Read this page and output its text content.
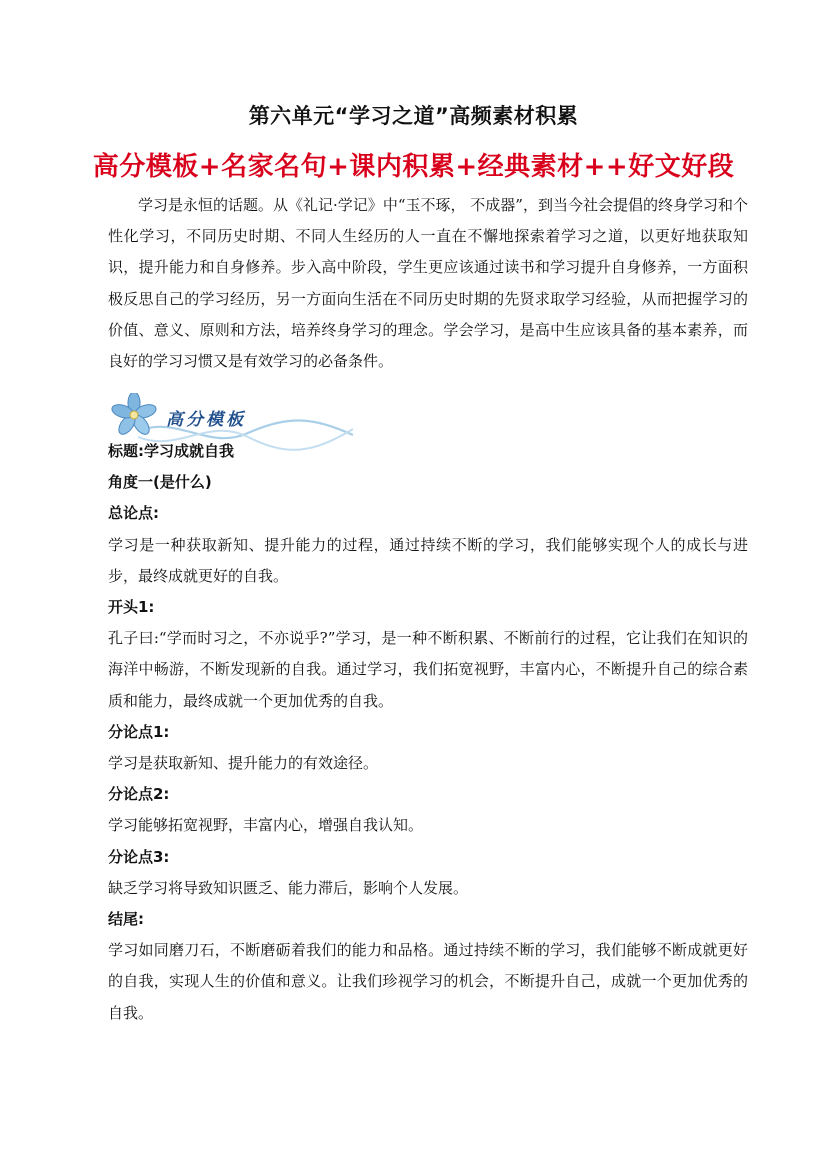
第六单元“学习之道”高频素材积累
高分模板+名家名句+课内积累+经典素材++好文好段

学习是永恒的话题。从《礼记·学记》中“玉不琢， 不成器”，到当今社会提倡的终身学习和个性化学习，不同历史时期、不同人生经历的人一直在不懈地探索着学习之道，以更好地获取知识，提升能力和自身修养。步入高中阶段，学生更应该通过读书和学习提升自身修养，一方面积极反思自己的学习经历，另一方面向生活在不同历史时期的先贤求取学习经验，从而把握学习的价值、意义、原则和方法，培养终身学习的理念。学会学习，是高中生应该具备的基本素养，而良好的学习习惯又是有效学习的必备条件。

高分模板

标题:学习成就自我

角度一(是什么)

总论点:

学习是一种获取新知、提升能力的过程，通过持续不断的学习，我们能够实现个人的成长与进步，最终成就更好的自我。

开头1:

孔子曰:“学而时习之，不亦说乎?”学习，是一种不断积累、不断前行的过程，它让我们在知识的海洋中畅游，不断发现新的自我。通过学习，我们拓宽视野，丰富内心，不断提升自己的综合素质和能力，最终成就一个更加优秀的自我。

分论点1:

学习是获取新知、提升能力的有效途径。

分论点2:

学习能够拓宽视野，丰富内心，增强自我认知。

分论点3:

缺乏学习将导致知识匮乏、能力滞后，影响个人发展。

结尾:

学习如同磨刀石，不断磨砺着我们的能力和品格。通过持续不断的学习，我们能够不断成就更好的自我，实现人生的价值和意义。让我们珍视学习的机会，不断提升自己，成就一个更加优秀的自我。
